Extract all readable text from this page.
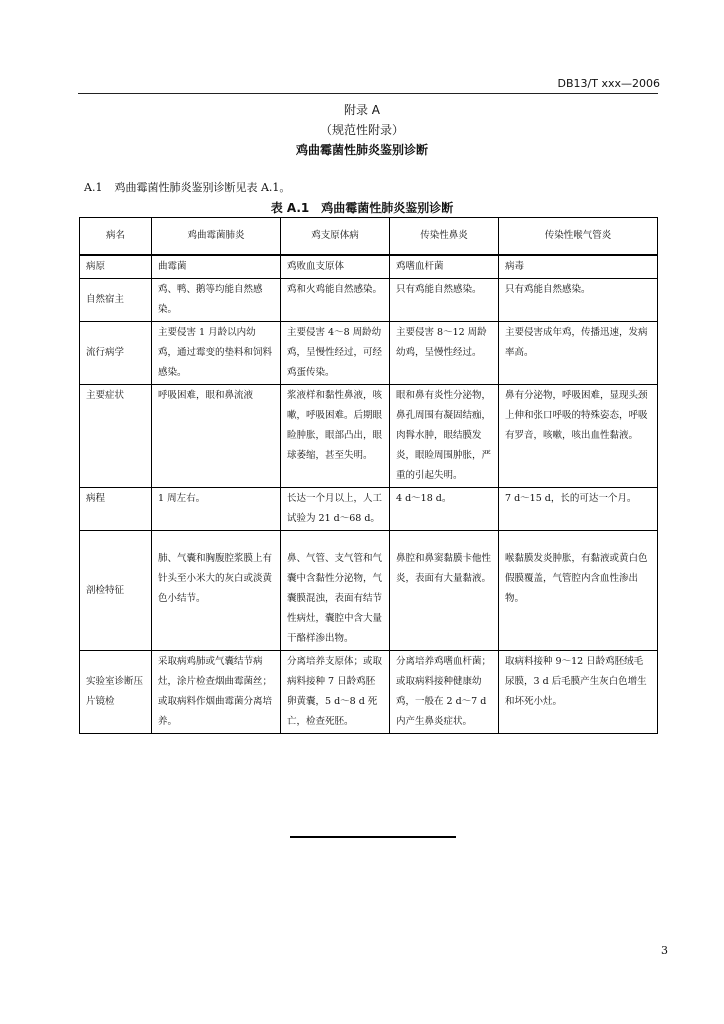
DB13/T xxx—2006
附录 A
（规范性附录）
鸡曲霉菌性肺炎鉴别诊断
A.1 鸡曲霉菌性肺炎鉴别诊断见表 A.1。
表 A.1　鸡曲霉菌性肺炎鉴别诊断
病名	鸡曲霉菌肺炎	鸡支原体病	传染性鼻炎	传染性喉气管炎
病原	曲霉菌	鸡败血支原体	鸡嗜血杆菌	病毒
自然宿主	鸡、鸭、鹅等均能自然感染。	鸡和火鸡能自然感染。	只有鸡能自然感染。	只有鸡能自然感染。
流行病学	主要侵害 1 月龄以内幼鸡，通过霉变的垫料和饲料感染。	主要侵害 4～8 周龄幼鸡，呈慢性经过，可经鸡蛋传染。	主要侵害 8～12 周龄幼鸡，呈慢性经过。	主要侵害成年鸡，传播迅速，发病率高。
主要症状	呼吸困难，眼和鼻流液	浆液样和黏性鼻液，咳嗽，呼吸困难。后期眼睑肿胀，眼部凸出，眼球萎缩，甚至失明。	眼和鼻有炎性分泌物，鼻孔周围有凝固结痂，肉髥水肿，眼结膜发炎，眼睑周围肿胀，严重的引起失明。	鼻有分泌物，呼吸困难，显现头颈上伸和张口呼吸的特殊姿态，呼吸有罗音，咳嗽，咳出血性黏液。
病程	1 周左右。	长达一个月以上，人工试验为 21 d～68 d。	4 d～18 d。	7 d～15 d，长的可达一个月。
剖检特征	肺、气囊和胸腹腔浆膜上有针头至小米大的灰白或淡黄色小结节。	鼻、气管、支气管和气囊中含黏性分泌物，气囊膜混浊，表面有结节性病灶，囊腔中含大量干酪样渗出物。	鼻腔和鼻窦黏膜卡他性炎，表面有大量黏液。	喉黏膜发炎肿胀，有黏液或黄白色假膜覆盖，气管腔内含血性渗出物。
实验室诊断压片镜检	采取病鸡肺或气囊结节病灶，涂片检查烟曲霉菌丝；或取病料作烟曲霉菌分离培养。	分离培养支原体；或取病料接种 7 日龄鸡胚卵黄囊，5 d～8 d 死亡，检查死胚。	分离培养鸡嗜血杆菌；或取病料接种健康幼鸡，一般在 2 d～7 d 内产生鼻炎症状。	取病料接种 9～12 日龄鸡胚绒毛尿膜，3 d 后毛膜产生灰白色增生和坏死小灶。
3
